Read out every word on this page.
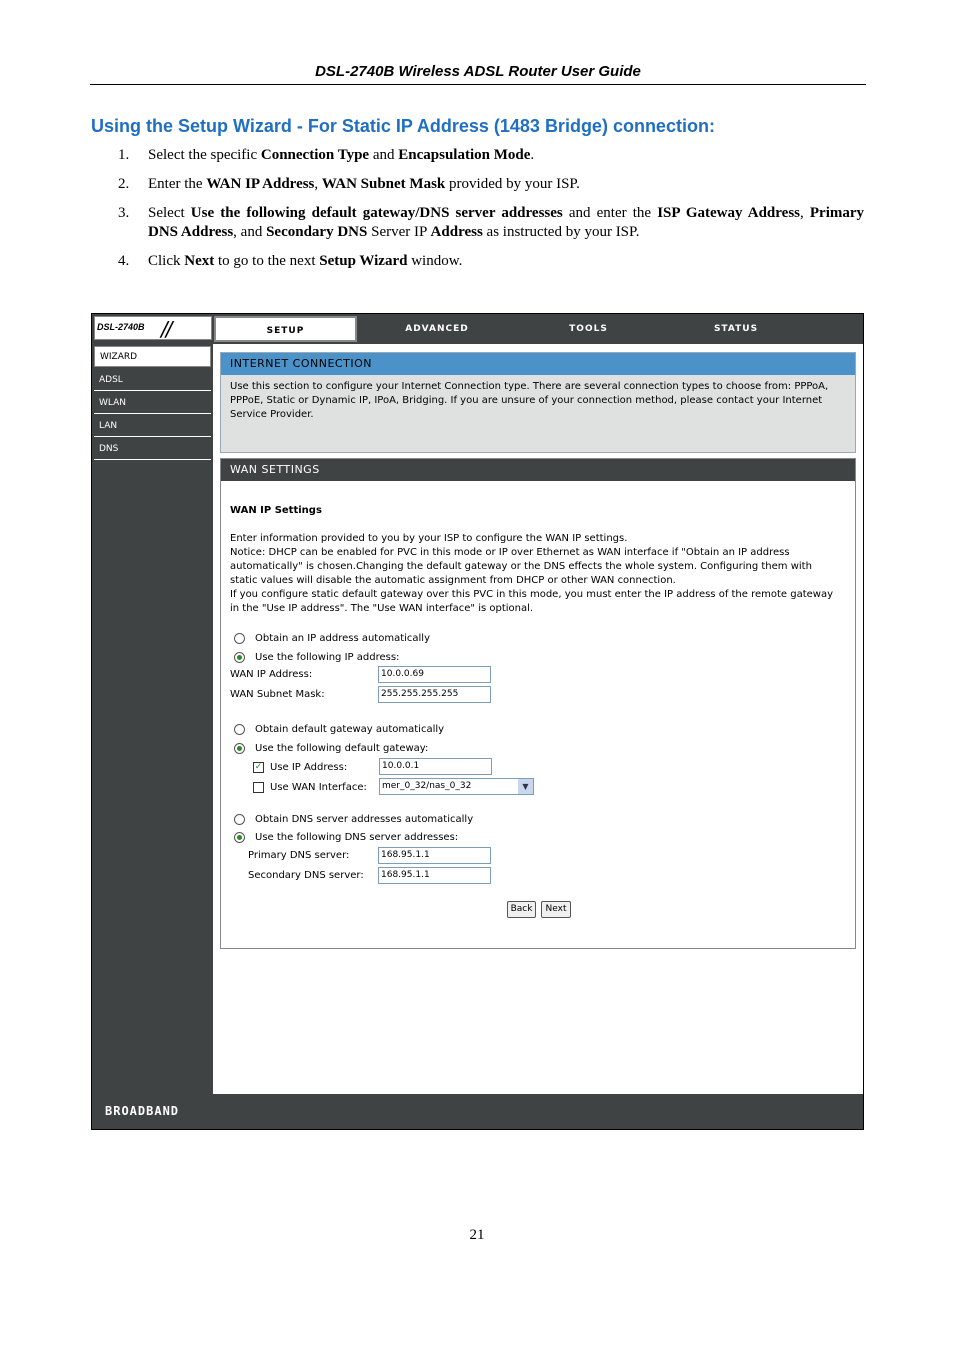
DSL-2740B Wireless ADSL Router User Guide
Using the Setup Wizard - For Static IP Address (1483 Bridge) connection:
1.	Select the specific Connection Type and Encapsulation Mode.
2.	Enter the WAN IP Address, WAN Subnet Mask provided by your ISP.
3.	Select Use the following default gateway/DNS server addresses and enter the ISP Gateway Address, Primary DNS Address, and Secondary DNS Server IP Address as instructed by your ISP.
4.	Click Next to go to the next Setup Wizard window.
DSL-2740B //	SETUP	ADVANCED	TOOLS	STATUS
WIZARD
ADSL
WLAN
LAN
DNS
INTERNET CONNECTION
Use this section to configure your Internet Connection type. There are several connection types to choose from: PPPoA, PPPoE, Static or Dynamic IP, IPoA, Bridging. If you are unsure of your connection method, please contact your Internet Service Provider.
WAN SETTINGS
WAN IP Settings
Enter information provided to you by your ISP to configure the WAN IP settings.
Notice: DHCP can be enabled for PVC in this mode or IP over Ethernet as WAN interface if "Obtain an IP address automatically" is chosen.Changing the default gateway or the DNS effects the whole system. Configuring them with static values will disable the automatic assignment from DHCP or other WAN connection.
If you configure static default gateway over this PVC in this mode, you must enter the IP address of the remote gateway in the "Use IP address". The "Use WAN interface" is optional.
Obtain an IP address automatically
Use the following IP address:
WAN IP Address:	10.0.0.69
WAN Subnet Mask:	255.255.255.255
Obtain default gateway automatically
Use the following default gateway:
✓ Use IP Address:	10.0.0.1
Use WAN Interface:	mer_0_32/nas_0_32	▼
Obtain DNS server addresses automatically
Use the following DNS server addresses:
Primary DNS server:	168.95.1.1
Secondary DNS server:	168.95.1.1
Back	Next
BROADBAND
21
